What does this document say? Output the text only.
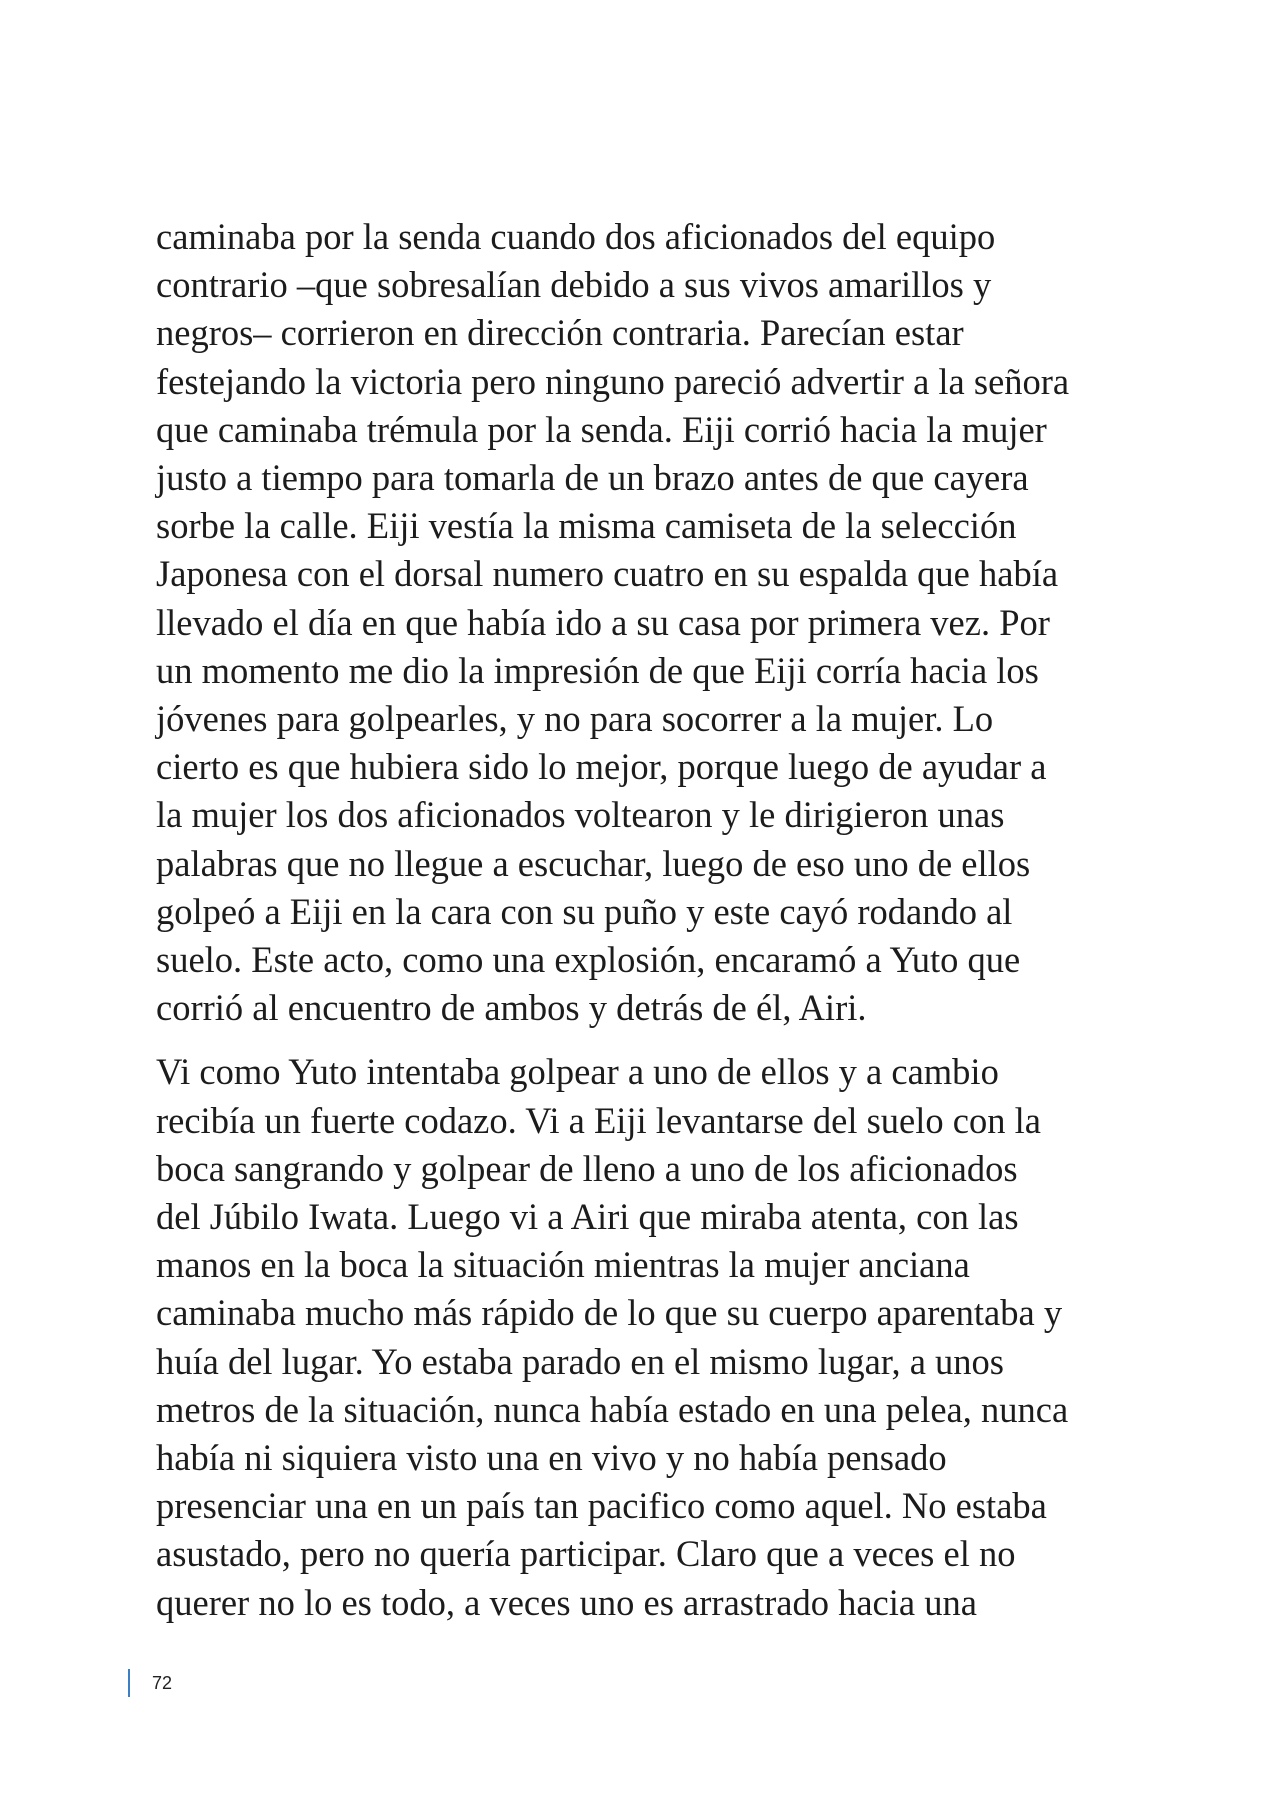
caminaba por la senda cuando dos aficionados del equipo
contrario –que sobresalían debido a sus vivos amarillos y
negros– corrieron en dirección contraria. Parecían estar
festejando la victoria pero ninguno pareció advertir a la señora
que caminaba trémula por la senda. Eiji corrió hacia la mujer
justo a tiempo para tomarla de un brazo antes de que cayera
sorbe la calle. Eiji vestía la misma camiseta de la selección
Japonesa con el dorsal numero cuatro en su espalda que había
llevado el día en que había ido a su casa por primera vez. Por
un momento me dio la impresión de que Eiji corría hacia los
jóvenes para golpearles, y no para socorrer a la mujer. Lo
cierto es que hubiera sido lo mejor, porque luego de ayudar a
la mujer los dos aficionados voltearon y le dirigieron unas
palabras que no llegue a escuchar, luego de eso uno de ellos
golpeó a Eiji en la cara con su puño y este cayó rodando al
suelo. Este acto, como una explosión, encaramó a Yuto que
corrió al encuentro de ambos y detrás de él, Airi.

Vi como Yuto intentaba golpear a uno de ellos y a cambio
recibía un fuerte codazo. Vi a Eiji levantarse del suelo con la
boca sangrando y golpear de lleno a uno de los aficionados
del Júbilo Iwata. Luego vi a Airi que miraba atenta, con las
manos en la boca la situación mientras la mujer anciana
caminaba mucho más rápido de lo que su cuerpo aparentaba y
huía del lugar. Yo estaba parado en el mismo lugar, a unos
metros de la situación, nunca había estado en una pelea, nunca
había ni siquiera visto una en vivo y no había pensado
presenciar una en un país tan pacifico como aquel. No estaba
asustado, pero no quería participar. Claro que a veces el no
querer no lo es todo, a veces uno es arrastrado hacia una

72
